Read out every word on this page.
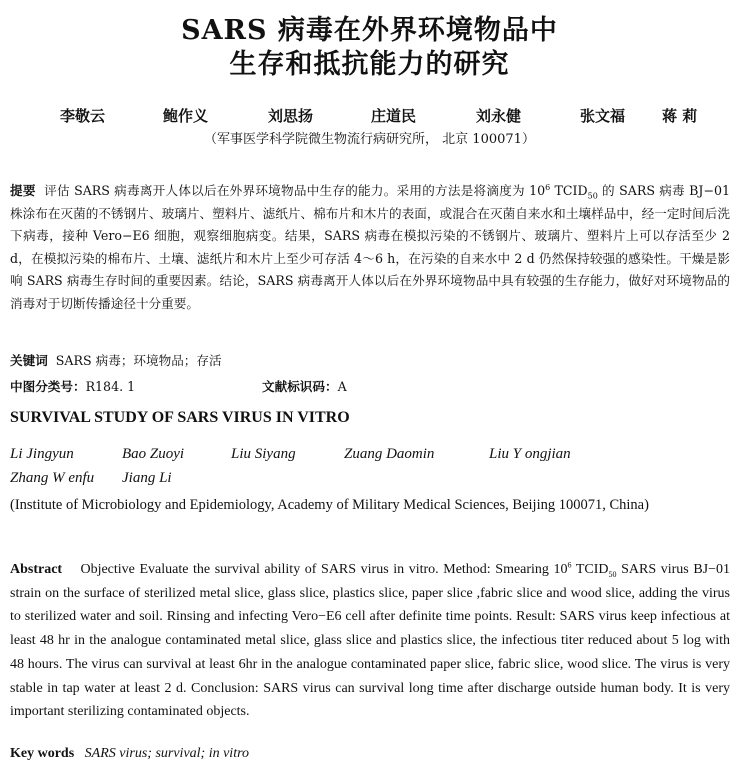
SARS 病毒在外界环境物品中
生存和抵抗能力的研究
李敬云	鲍作义	刘思扬	庄道民	刘永健	张文福 蒋 莉
（军事医学科学院微生物流行病研究所， 北京 100071）
提要 评估 SARS 病毒离开人体以后在外界环境物品中生存的能力。采用的方法是将滴度为 $10^6$ $TCID_{50}$ 的 SARS 病毒 BJ−01 株涂布在灭菌的不锈钢片、玻璃片、塑料片、滤纸片、棉布片和木片的表面，或混合在灭菌自来水和土壤样品中，经一定时间后洗下病毒，接种 Vero−E6 细胞，观察细胞病变。结果，SARS 病毒在模拟污染的不锈钢片、玻璃片、塑料片上可以存活至少 2 d，在模拟污染的棉布片、土壤、滤纸片和木片上至少可存活 4～6 h，在污染的自来水中 2 d 仍然保持较强的感染性。干燥是影响 SARS 病毒生存时间的重要因素。结论，SARS 病毒离开人体以后在外界环境物品中具有较强的生存能力，做好对环境物品的消毒对于切断传播途径十分重要。
关键词 SARS 病毒；环境物品；存活
中图分类号：R184. 1	文献标识码：A
SURVIVAL STUDY OF SARS VIRUS IN VITRO
Li Jingyun	Bao Zuoyi	Liu Siyang	Zuang Daomin	Liu Y ongjian
Zhang W enfu Jiang Li
(Institute of Microbiology and Epidemiology, Academy of Military Medical Sciences, Beijing 100071, China)
Abstract Objective Evaluate the survival ability of SARS virus in vitro. Method: Smearing $10^6$ $TCID_{50}$ SARS virus BJ−01 strain on the surface of sterilized metal slice, glass slice, plastics slice, paper slice ,fabric slice and wood slice, adding the virus to sterilized water and soil. Rinsing and infecting Vero−E6 cell after definite time points. Result: SARS virus keep infectious at least 48 hr in the analogue contaminated metal slice, glass slice and plastics slice, the infectious titer reduced about 5 log with 48 hours. The virus can survival at least 6hr in the analogue contaminated paper slice, fabric slice, wood slice. The virus is very stable in tap water at least 2 d. Conclusion: SARS virus can survival long time after discharge outside human body. It is very important sterilizing contaminated objects.
Key words SARS virus; survival; in vitro
